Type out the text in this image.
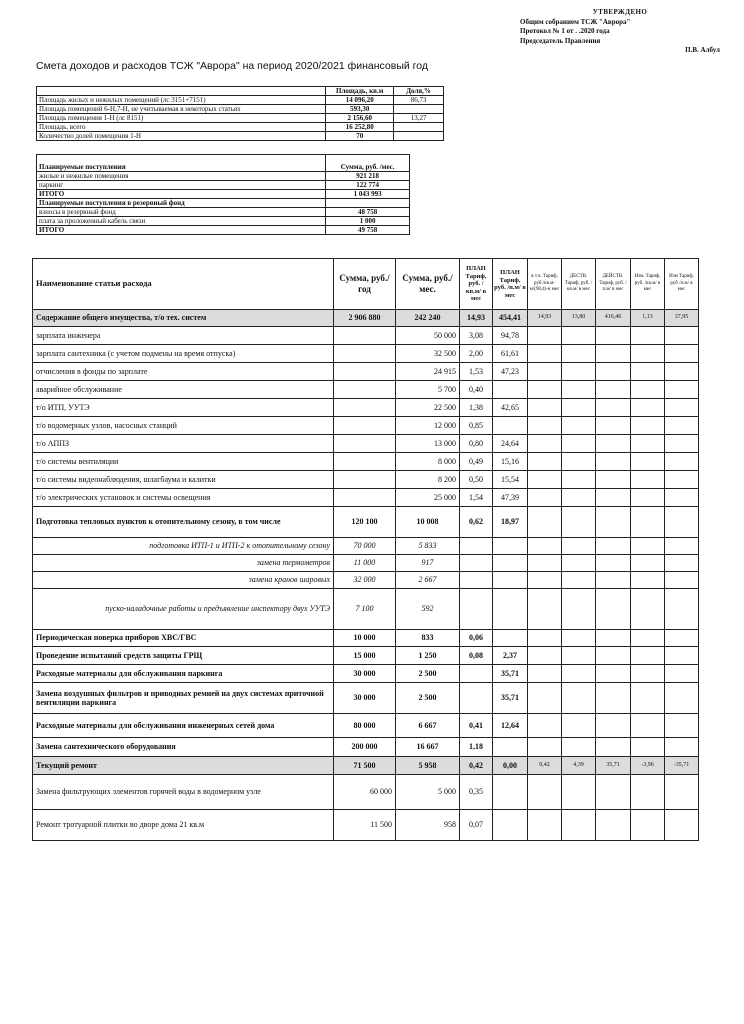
УТВЕРЖДЕНО
Общим собранием ТСЖ "Аврора"
Протокол № 1 от . .2020 года
Председатель Правления
П.В. Албул
Смета доходов и расходов ТСЖ "Аврора" на период 2020/2021 финансовый год
	Площадь, кв.м	Доля,%
Площадь жилых и нежилых помещений (лс 3151+7151)	14 096,20	86,73
Площадь помещений 6-Н,7-Н, не учитываемая в некоторых статьях	593,30	
Площадь помещения 1-Н (лс 8151)	2 156,60	13,27
Площадь, всего	16 252,80	
Количество долей помещения 1-Н	70	
Планируемые поступления	Сумма, руб. /мес.
жилые и нежилые помещения	921 218
паркинг	122 774
ИТОГО	1 043 993
Планируемые поступления в резервный фонд	
взносы в резервный фонд	48 758
плата за проложенный кабель связи	1 000
ИТОГО	49 758
Наименование статьи расхода	Сумма, руб./год	Сумма, руб./мес.	ПЛАН Тариф, руб. /кв.м/ в мес	ПЛАН Тариф, руб. /п.м/ в мес	в т.ч. Тариф, руб./кв.м-м/(98,4)-в мес	ДЕСТВ. Тариф, руб. /кв.м/ в мес	ДЕЙСТВ. Тариф, руб. /п.м/ в мес	Изм. Тариф, руб. /кв.м/ в мес	Изм Тариф, руб /п.м/ в мес
Содержание общего имущества, т/о тех. систем	2 906 880	242 240	14,93	454,41	14,93	13,80	416,46	1,13	37,95
зарплата инженера		50 000	3,08	94,78					
зарплата сантехника (с учетом подмены на время отпуска)		32 500	2,00	61,61					
отчисления в фонды по зарплате		24 915	1,53	47,23					
аварийное обслуживание		5 700	0,40						
т/о ИТП, УУТЭ		22 500	1,38	42,65					
т/о водомерных узлов, насосных станций		12 000	0,85						
т/о АППЗ		13 000	0,80	24,64					
т/о системы вентиляции		8 000	0,49	15,16					
т/о системы видеонаблюдения, шлагбаума и калитки		8 200	0,50	15,54					
т/о электрических установок и системы освещения		25 000	1,54	47,39					
Подготовка тепловых пунктов к отопительному сезону, в том числе	120 100	10 008	0,62	18,97					
подготовка ИТП-1 и ИТП-2 к отопительному сезону	70 000	5 833							
замена термометров	11 000	917							
замена кранов шаровых	32 000	2 667							
пуско-наладочные работы и предъявление инспектору двух УУТЭ	7 100	592							
Периодическая поверка приборов ХВС/ГВС	10 000	833	0,06						
Проведение испытаний средств защиты ГРЩ	15 000	1 250	0,08	2,37					
Расходные материалы для обслуживания паркинга	30 000	2 500		35,71					
Замена воздушных фильтров и приводных ремней на двух системах приточной вентиляции паркинга	30 000	2 500		35,71					
Расходные материалы для обслуживания инженерных сетей дома	80 000	6 667	0,41	12,64					
Замена сантехнического оборудования	200 000	16 667	1,18						
Текущий ремонт	71 500	5 958	0,42	0,00	0,42	4,39	35,71	-3,96	-35,71
Замена фильтрующих элементов горячей воды в водомерном узле	60 000	5 000	0,35						
Ремонт тротуарной плитки во дворе дома 21 кв.м	11 500	958	0,07						
